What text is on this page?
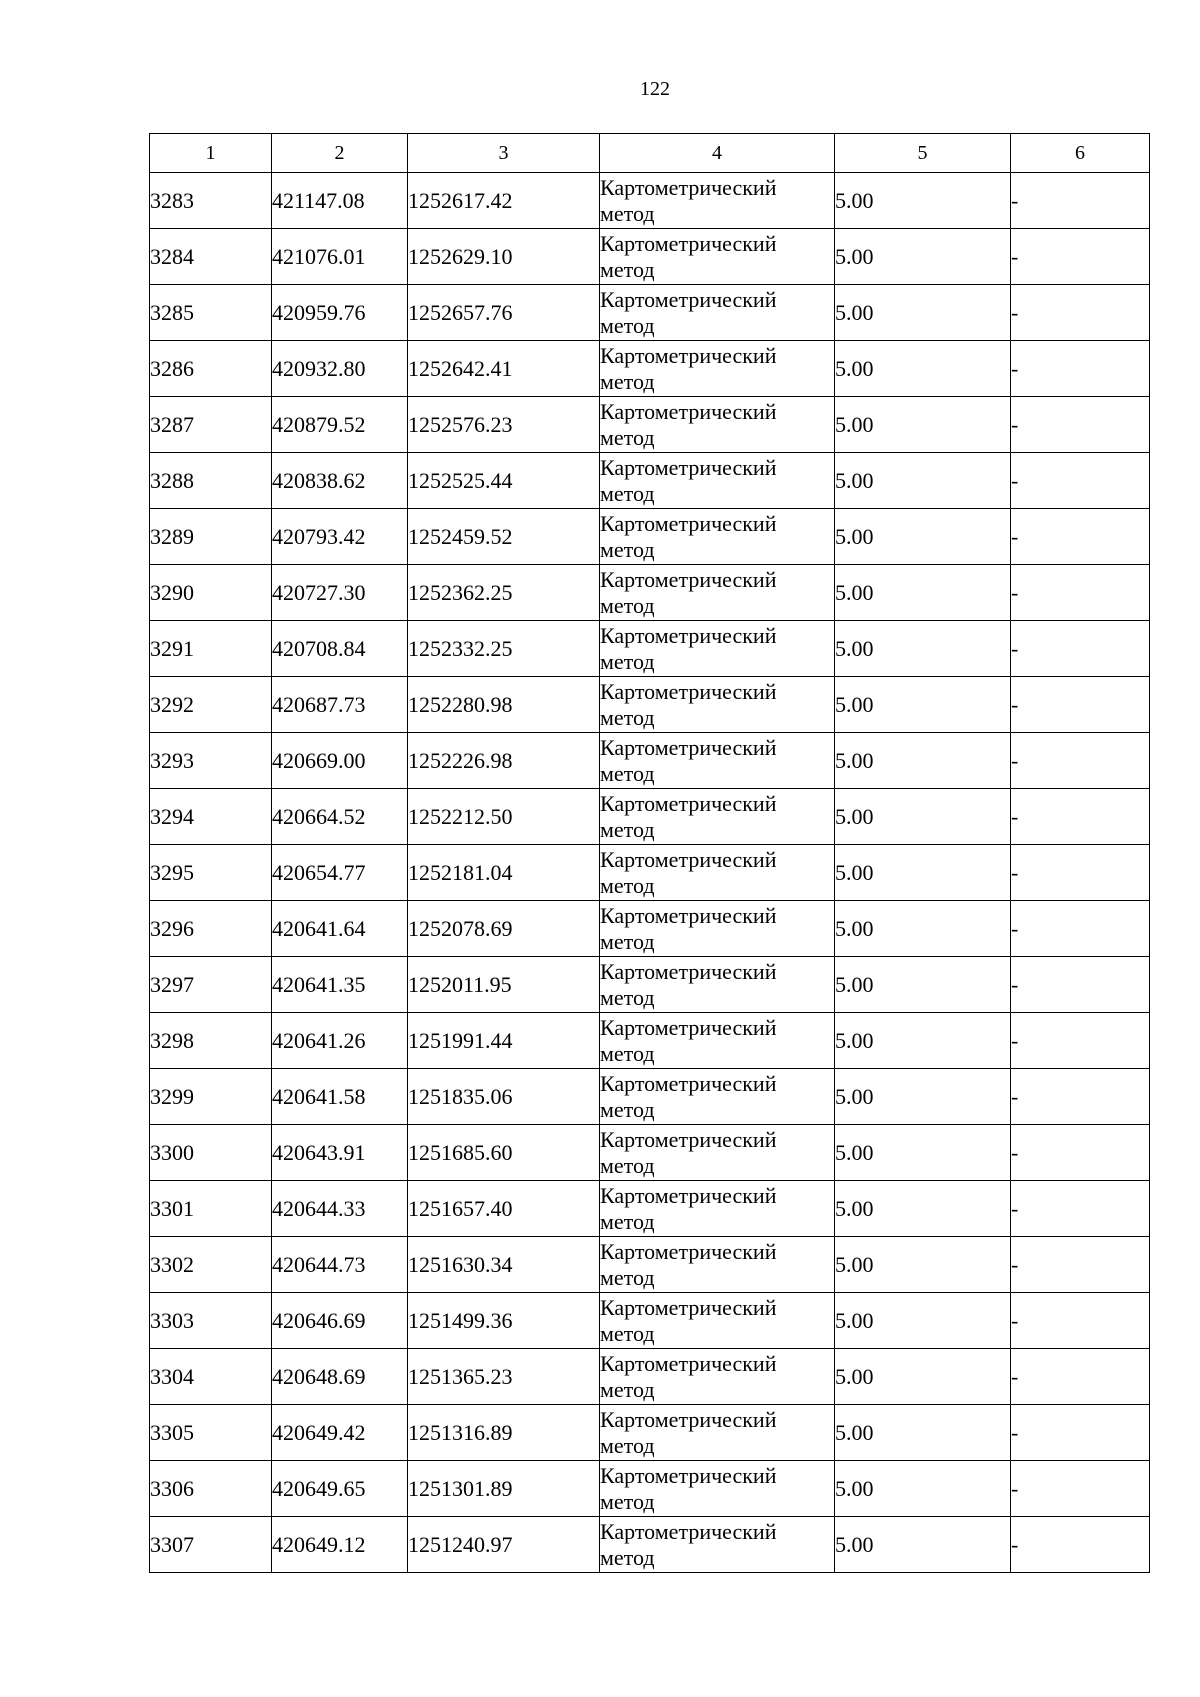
122
1	2	3	4	5	6
3283	421147.08	1252617.42	Картометрический метод	5.00	-
3284	421076.01	1252629.10	Картометрический метод	5.00	-
3285	420959.76	1252657.76	Картометрический метод	5.00	-
3286	420932.80	1252642.41	Картометрический метод	5.00	-
3287	420879.52	1252576.23	Картометрический метод	5.00	-
3288	420838.62	1252525.44	Картометрический метод	5.00	-
3289	420793.42	1252459.52	Картометрический метод	5.00	-
3290	420727.30	1252362.25	Картометрический метод	5.00	-
3291	420708.84	1252332.25	Картометрический метод	5.00	-
3292	420687.73	1252280.98	Картометрический метод	5.00	-
3293	420669.00	1252226.98	Картометрический метод	5.00	-
3294	420664.52	1252212.50	Картометрический метод	5.00	-
3295	420654.77	1252181.04	Картометрический метод	5.00	-
3296	420641.64	1252078.69	Картометрический метод	5.00	-
3297	420641.35	1252011.95	Картометрический метод	5.00	-
3298	420641.26	1251991.44	Картометрический метод	5.00	-
3299	420641.58	1251835.06	Картометрический метод	5.00	-
3300	420643.91	1251685.60	Картометрический метод	5.00	-
3301	420644.33	1251657.40	Картометрический метод	5.00	-
3302	420644.73	1251630.34	Картометрический метод	5.00	-
3303	420646.69	1251499.36	Картометрический метод	5.00	-
3304	420648.69	1251365.23	Картометрический метод	5.00	-
3305	420649.42	1251316.89	Картометрический метод	5.00	-
3306	420649.65	1251301.89	Картометрический метод	5.00	-
3307	420649.12	1251240.97	Картометрический метод	5.00	-
